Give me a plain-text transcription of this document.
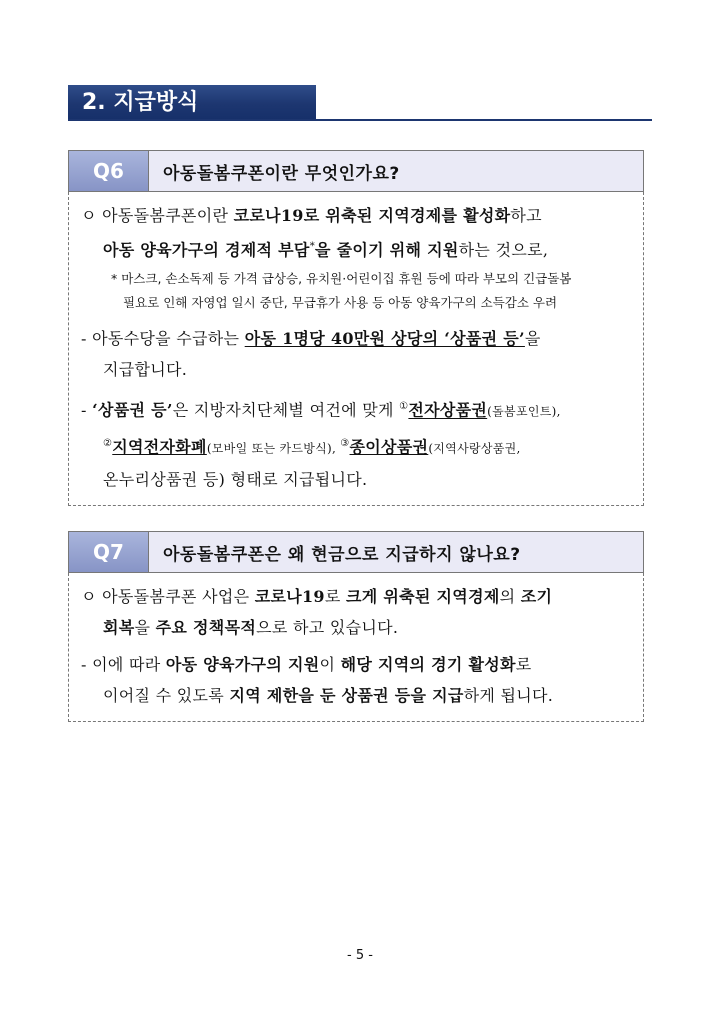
2. 지급방식
Q6	아동돌봄쿠폰이란 무엇인가요?
ㅇ 아동돌봄쿠폰이란 코로나19로 위축된 지역경제를 활성화하고
아동 양육가구의 경제적 부담*을 줄이기 위해 지원하는 것으로,
* 마스크, 손소독제 등 가격 급상승, 유치원·어린이집 휴원 등에 따라 부모의 긴급돌봄
필요로 인해 자영업 일시 중단, 무급휴가 사용 등 아동 양육가구의 소득감소 우려
- 아동수당을 수급하는 아동 1명당 40만원 상당의 ‘상품권 등’을
지급합니다.
- ‘상품권 등’은 지방자치단체별 여건에 맞게 ①전자상품권(돌봄포인트),
②지역전자화폐(모바일 또는 카드방식), ③종이상품권(지역사랑상품권,
온누리상품권 등) 형태로 지급됩니다.
Q7	아동돌봄쿠폰은 왜 현금으로 지급하지 않나요?
ㅇ 아동돌봄쿠폰 사업은 코로나19로 크게 위축된 지역경제의 조기
회복을 주요 정책목적으로 하고 있습니다.
- 이에 따라 아동 양육가구의 지원이 해당 지역의 경기 활성화로
이어질 수 있도록 지역 제한을 둔 상품권 등을 지급하게 됩니다.
- 5 -
